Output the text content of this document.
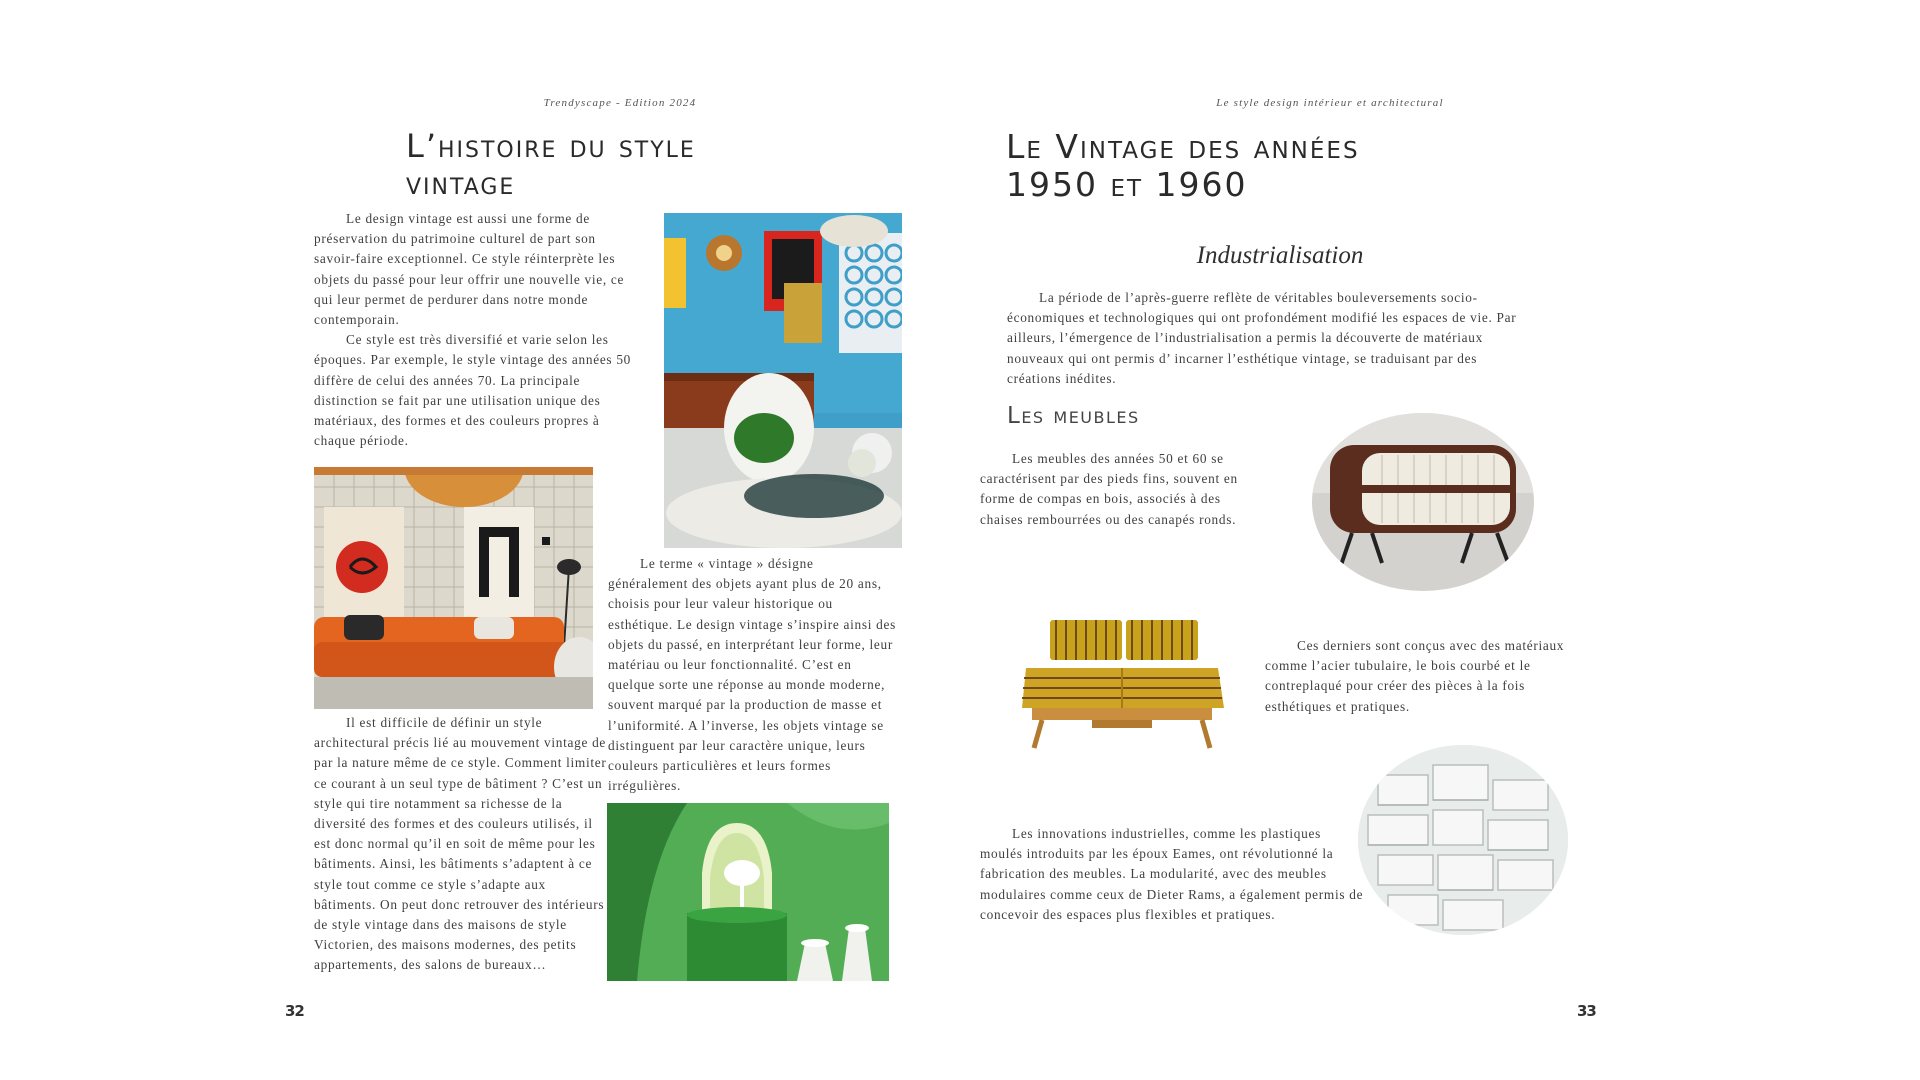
Trendyscape - Edition 2024
L’histoire du style
vintage

Le design vintage est aussi une forme de préservation du patrimoine culturel de part son savoir-faire exceptionnel. Ce style réinterprète les objets du passé pour leur offrir une nouvelle vie, ce qui leur permet de perdurer dans notre monde contemporain.

Ce style est très diversifié et varie selon les époques. Par exemple, le style vintage des années 50 diffère de celui des années 70. La principale distinction se fait par une utilisation unique des matériaux, des formes et des couleurs propres à chaque période.

Le terme « vintage » désigne généralement des objets ayant plus de 20 ans, choisis pour leur valeur historique ou esthétique. Le design vintage s’inspire ainsi des objets du passé, en interprétant leur forme, leur matériau ou leur fonctionnalité. C’est en quelque sorte une réponse au monde moderne, souvent marqué par la production de masse et l’uniformité. A l’inverse, les objets vintage se distinguent par leur caractère unique, leurs couleurs particulières et leurs formes irrégulières.

Il est difficile de définir un style architectural précis lié au mouvement vintage de par la nature même de ce style. Comment limiter ce courant à un seul type de bâtiment ? C’est un style qui tire notamment sa richesse de la diversité des formes et des couleurs utilisés, il est donc normal qu’il en soit de même pour les bâtiments. Ainsi, les bâtiments s’adaptent à ce style tout comme ce style s’adapte aux bâtiments. On peut donc retrouver des intérieurs de style vintage dans des maisons de style Victorien, des maisons modernes, des petits appartements, des salons de bureaux…

32
Le style design intérieur et architectural
Le Vintage des années
1950 et 1960
Industrialisation

La période de l’après-guerre reflète de véritables bouleversements socio-économiques et technologiques qui ont profondément modifié les espaces de vie. Par ailleurs, l’émergence de l’industrialisation a permis la découverte de matériaux nouveaux qui ont permis d’ incarner l’esthétique vintage, se traduisant par des créations inédites.

Les meubles

Les meubles des années 50 et 60 se caractérisent par des pieds fins, souvent en forme de compas en bois, associés à des chaises rembourrées ou des canapés ronds.

Ces derniers sont conçus avec des matériaux comme l’acier tubulaire, le bois courbé et le contreplaqué pour créer des pièces à la fois esthétiques et pratiques.

Les innovations industrielles, comme les plastiques moulés introduits par les époux Eames, ont révolutionné la fabrication des meubles. La modularité, avec des meubles modulaires comme ceux de Dieter Rams, a également permis de concevoir des espaces plus flexibles et pratiques.

33
